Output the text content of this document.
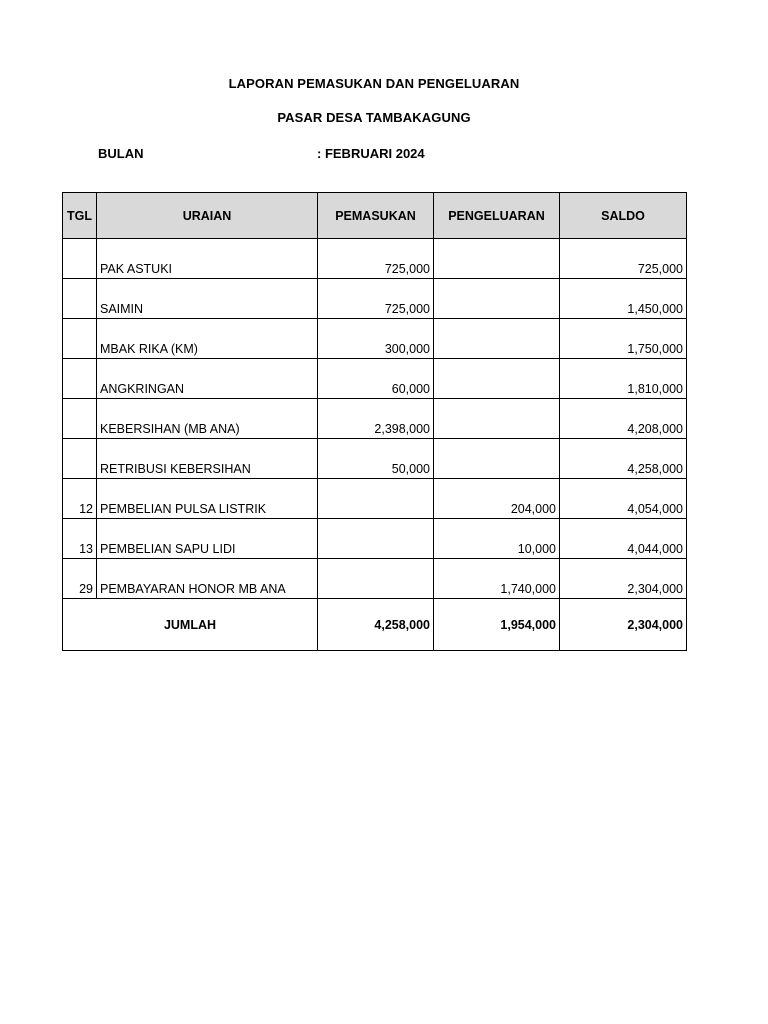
LAPORAN PEMASUKAN DAN PENGELUARAN
PASAR DESA TAMBAKAGUNG
BULAN	: FEBRUARI 2024
TGL	URAIAN	PEMASUKAN	PENGELUARAN	SALDO
	PAK ASTUKI	725,000		725,000
	SAIMIN	725,000		1,450,000
	MBAK RIKA (KM)	300,000		1,750,000
	ANGKRINGAN	60,000		1,810,000
	KEBERSIHAN (MB ANA)	2,398,000		4,208,000
	RETRIBUSI KEBERSIHAN	50,000		4,258,000
12	PEMBELIAN PULSA LISTRIK		204,000	4,054,000
13	PEMBELIAN SAPU LIDI		10,000	4,044,000
29	PEMBAYARAN HONOR MB ANA		1,740,000	2,304,000
JUMLAH		4,258,000	1,954,000	2,304,000
